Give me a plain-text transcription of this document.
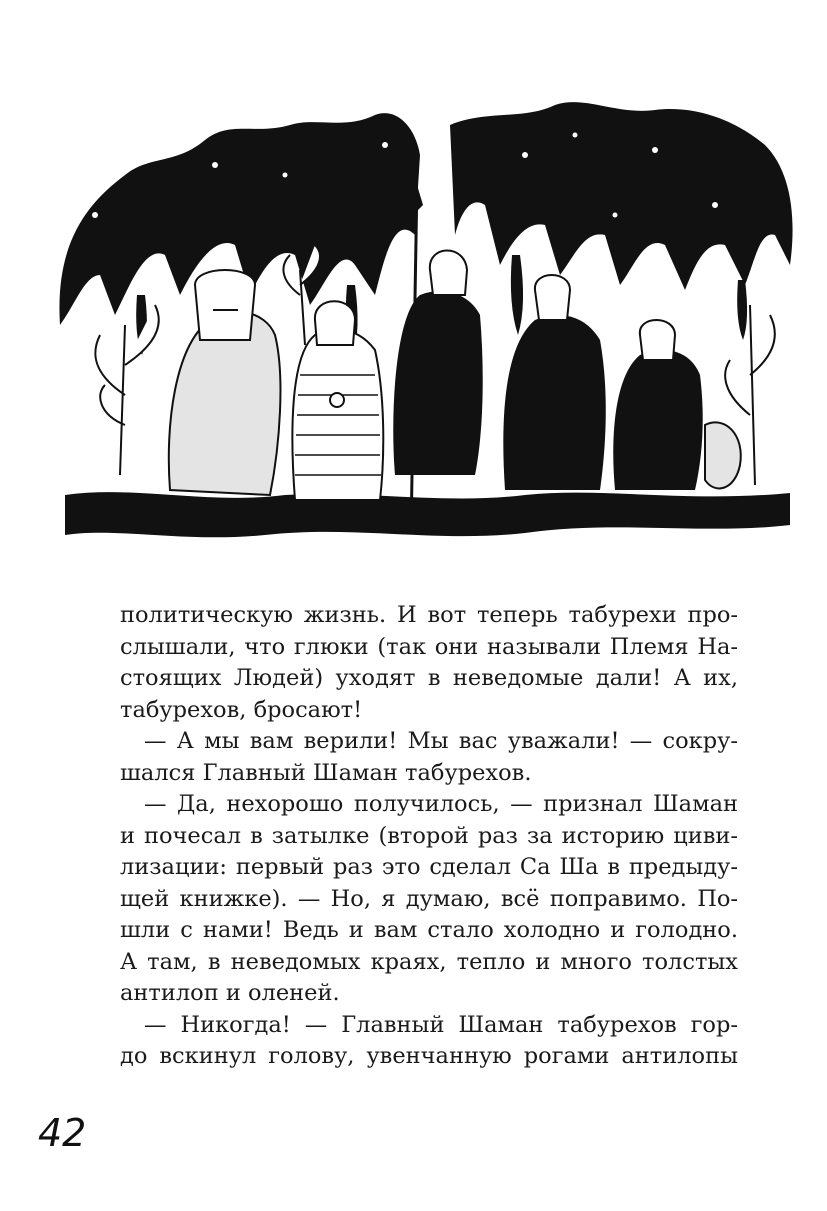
политическую жизнь. И вот теперь табурехи про-
слышали, что глюки (так они называли Племя На-
стоящих Людей) уходят в неведомые дали! А их,
табурехов, бросают!
— А мы вам верили! Мы вас уважали! — сокру-
шался Главный Шаман табурехов.
— Да, нехорошо получилось, — признал Шаман
и почесал в затылке (второй раз за историю циви-
лизации: первый раз это сделал Са Ша в предыду-
щей книжке). — Но, я думаю, всё поправимо. По-
шли с нами! Ведь и вам стало холодно и голодно.
А там, в неведомых краях, тепло и много толстых
антилоп и оленей.
— Никогда! — Главный Шаман табурехов гор-
до вскинул голову, увенчанную рогами антилопы
42
